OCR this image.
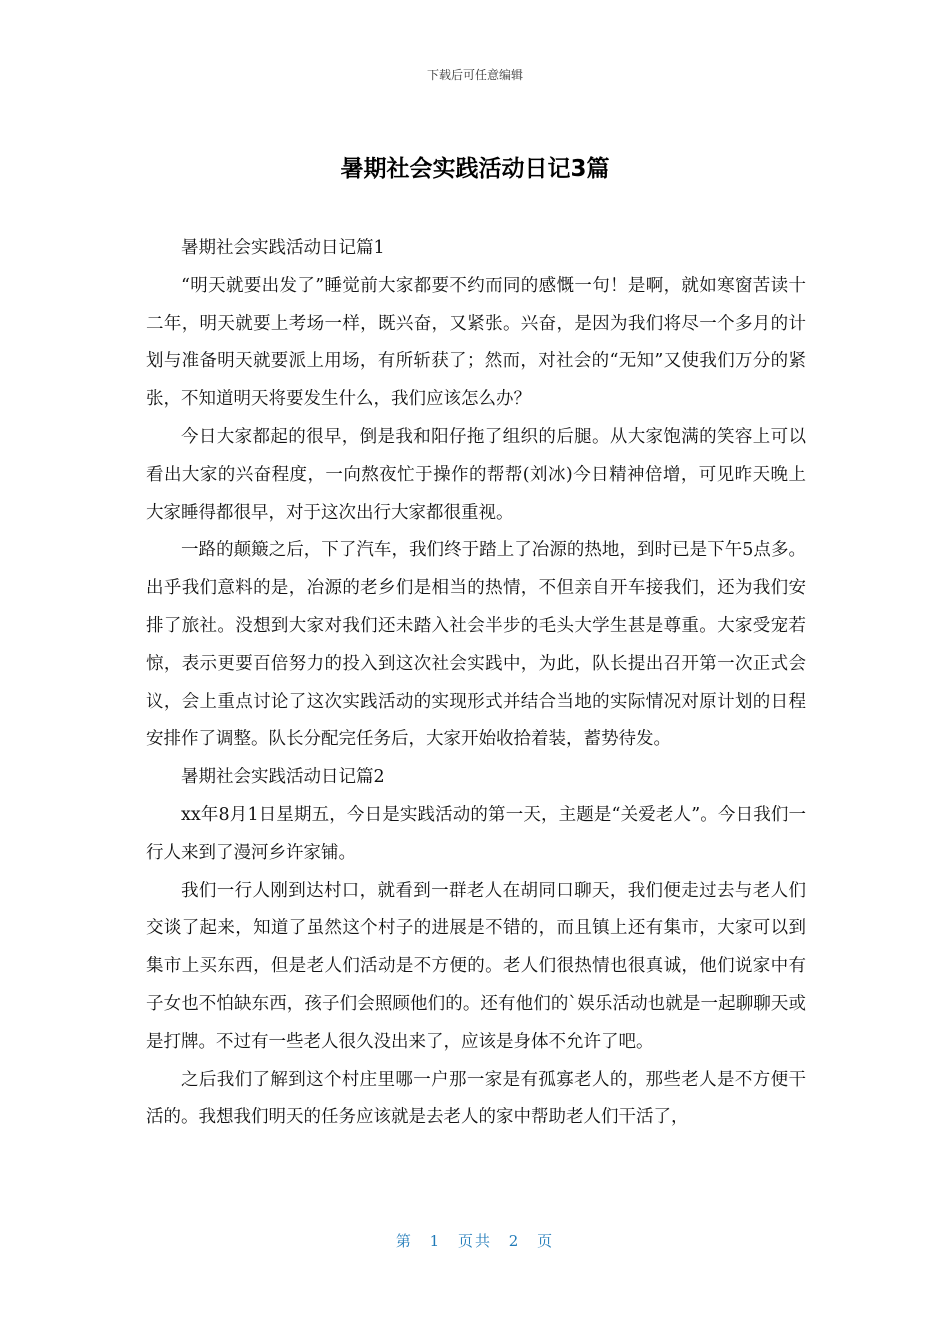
下载后可任意编辑
暑期社会实践活动日记3篇

暑期社会实践活动日记篇1

“明天就要出发了”睡觉前大家都要不约而同的感慨一句！是啊，就如寒窗苦读十二年，明天就要上考场一样，既兴奋，又紧张。兴奋，是因为我们将尽一个多月的计划与准备明天就要派上用场，有所斩获了；然而，对社会的“无知”又使我们万分的紧张，不知道明天将要发生什么，我们应该怎么办？

今日大家都起的很早，倒是我和阳仔拖了组织的后腿。从大家饱满的笑容上可以看出大家的兴奋程度，一向熬夜忙于操作的帮帮(刘冰)今日精神倍增，可见昨天晚上大家睡得都很早，对于这次出行大家都很重视。

一路的颠簸之后，下了汽车，我们终于踏上了冶源的热地，到时已是下午5点多。出乎我们意料的是，冶源的老乡们是相当的热情，不但亲自开车接我们，还为我们安排了旅社。没想到大家对我们还未踏入社会半步的毛头大学生甚是尊重。大家受宠若惊，表示更要百倍努力的投入到这次社会实践中，为此，队长提出召开第一次正式会议，会上重点讨论了这次实践活动的实现形式并结合当地的实际情况对原计划的日程安排作了调整。队长分配完任务后，大家开始收拾着装，蓄势待发。

暑期社会实践活动日记篇2

xx年8月1日星期五，今日是实践活动的第一天，主题是“关爱老人”。今日我们一行人来到了漫河乡许家铺。

我们一行人刚到达村口，就看到一群老人在胡同口聊天，我们便走过去与老人们交谈了起来，知道了虽然这个村子的进展是不错的，而且镇上还有集市，大家可以到集市上买东西，但是老人们活动是不方便的。老人们很热情也很真诚，他们说家中有子女也不怕缺东西，孩子们会照顾他们的。还有他们的`娱乐活动也就是一起聊聊天或是打牌。不过有一些老人很久没出来了，应该是身体不允许了吧。

之后我们了解到这个村庄里哪一户那一家是有孤寡老人的，那些老人是不方便干活的。我想我们明天的任务应该就是去老人的家中帮助老人们干活了，

第 1 页共 2 页
